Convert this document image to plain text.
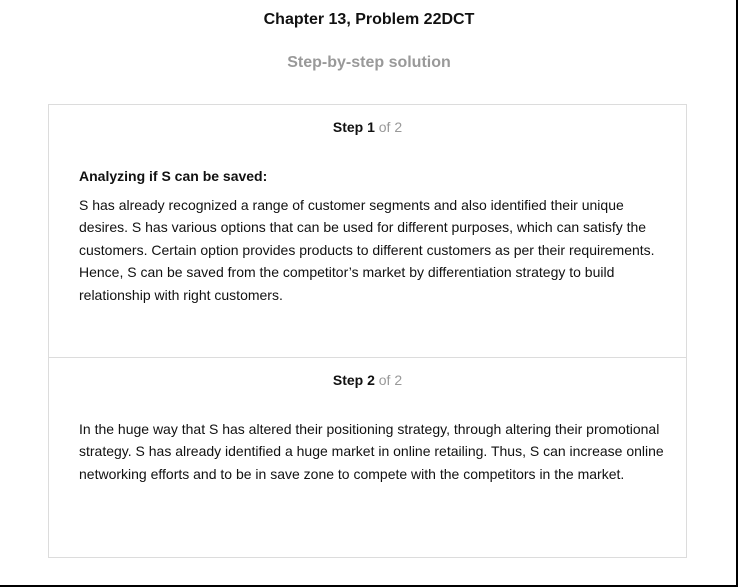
Chapter 13, Problem 22DCT
Step-by-step solution
Step 1 of 2
Analyzing if S can be saved:
S has already recognized a range of customer segments and also identified their unique desires. S has various options that can be used for different purposes, which can satisfy the customers. Certain option provides products to different customers as per their requirements. Hence, S can be saved from the competitor’s market by differentiation strategy to build relationship with right customers.
Step 2 of 2
In the huge way that S has altered their positioning strategy, through altering their promotional strategy. S has already identified a huge market in online retailing. Thus, S can increase online networking efforts and to be in save zone to compete with the competitors in the market.
